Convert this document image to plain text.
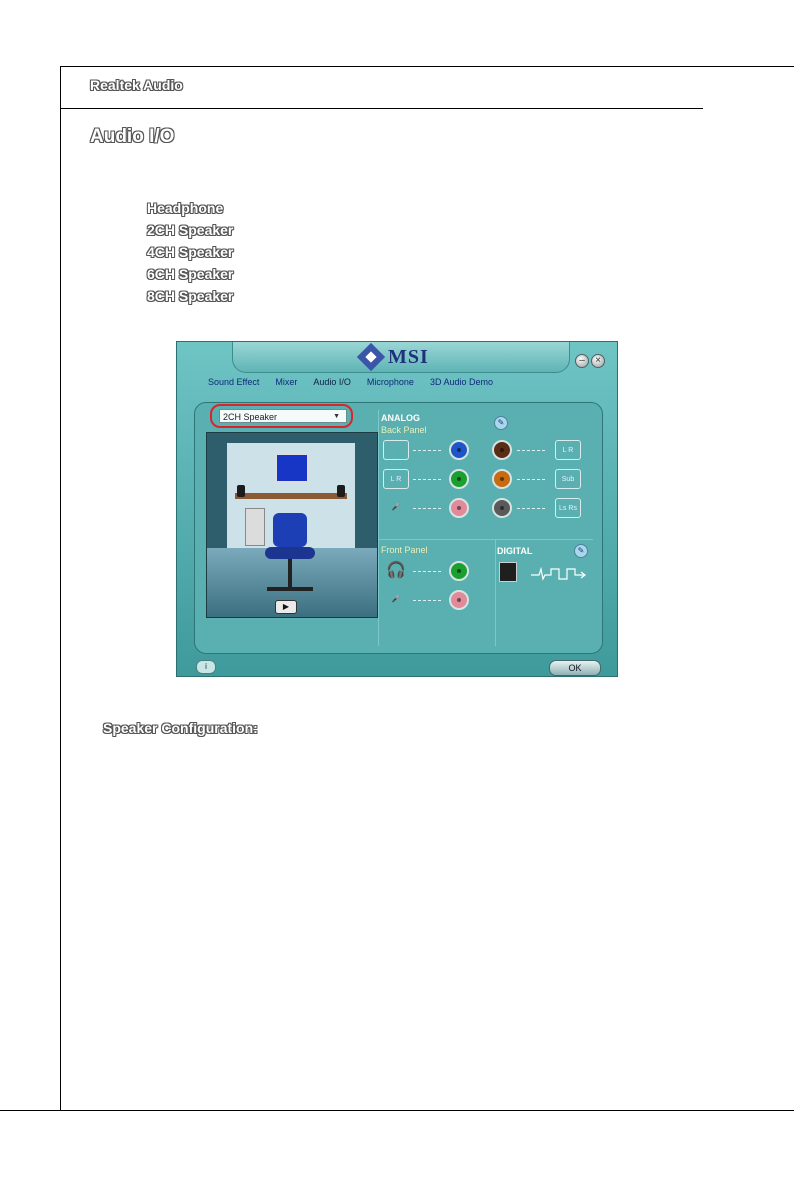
Realtek Audio
Audio I/O
Headphone
2CH Speaker
4CH Speaker
6CH Speaker
8CH Speaker
MSI	–	×
Sound Effect Mixer Audio I/O Microphone 3D Audio Demo
2CH Speaker	▼
▶
ANALOG
Back Panel
✎
L R
🎤
L R
Sub
Ls Rs
Front Panel
🎧
🎤
DIGITAL	✎
i	OK
Speaker Configuration:
